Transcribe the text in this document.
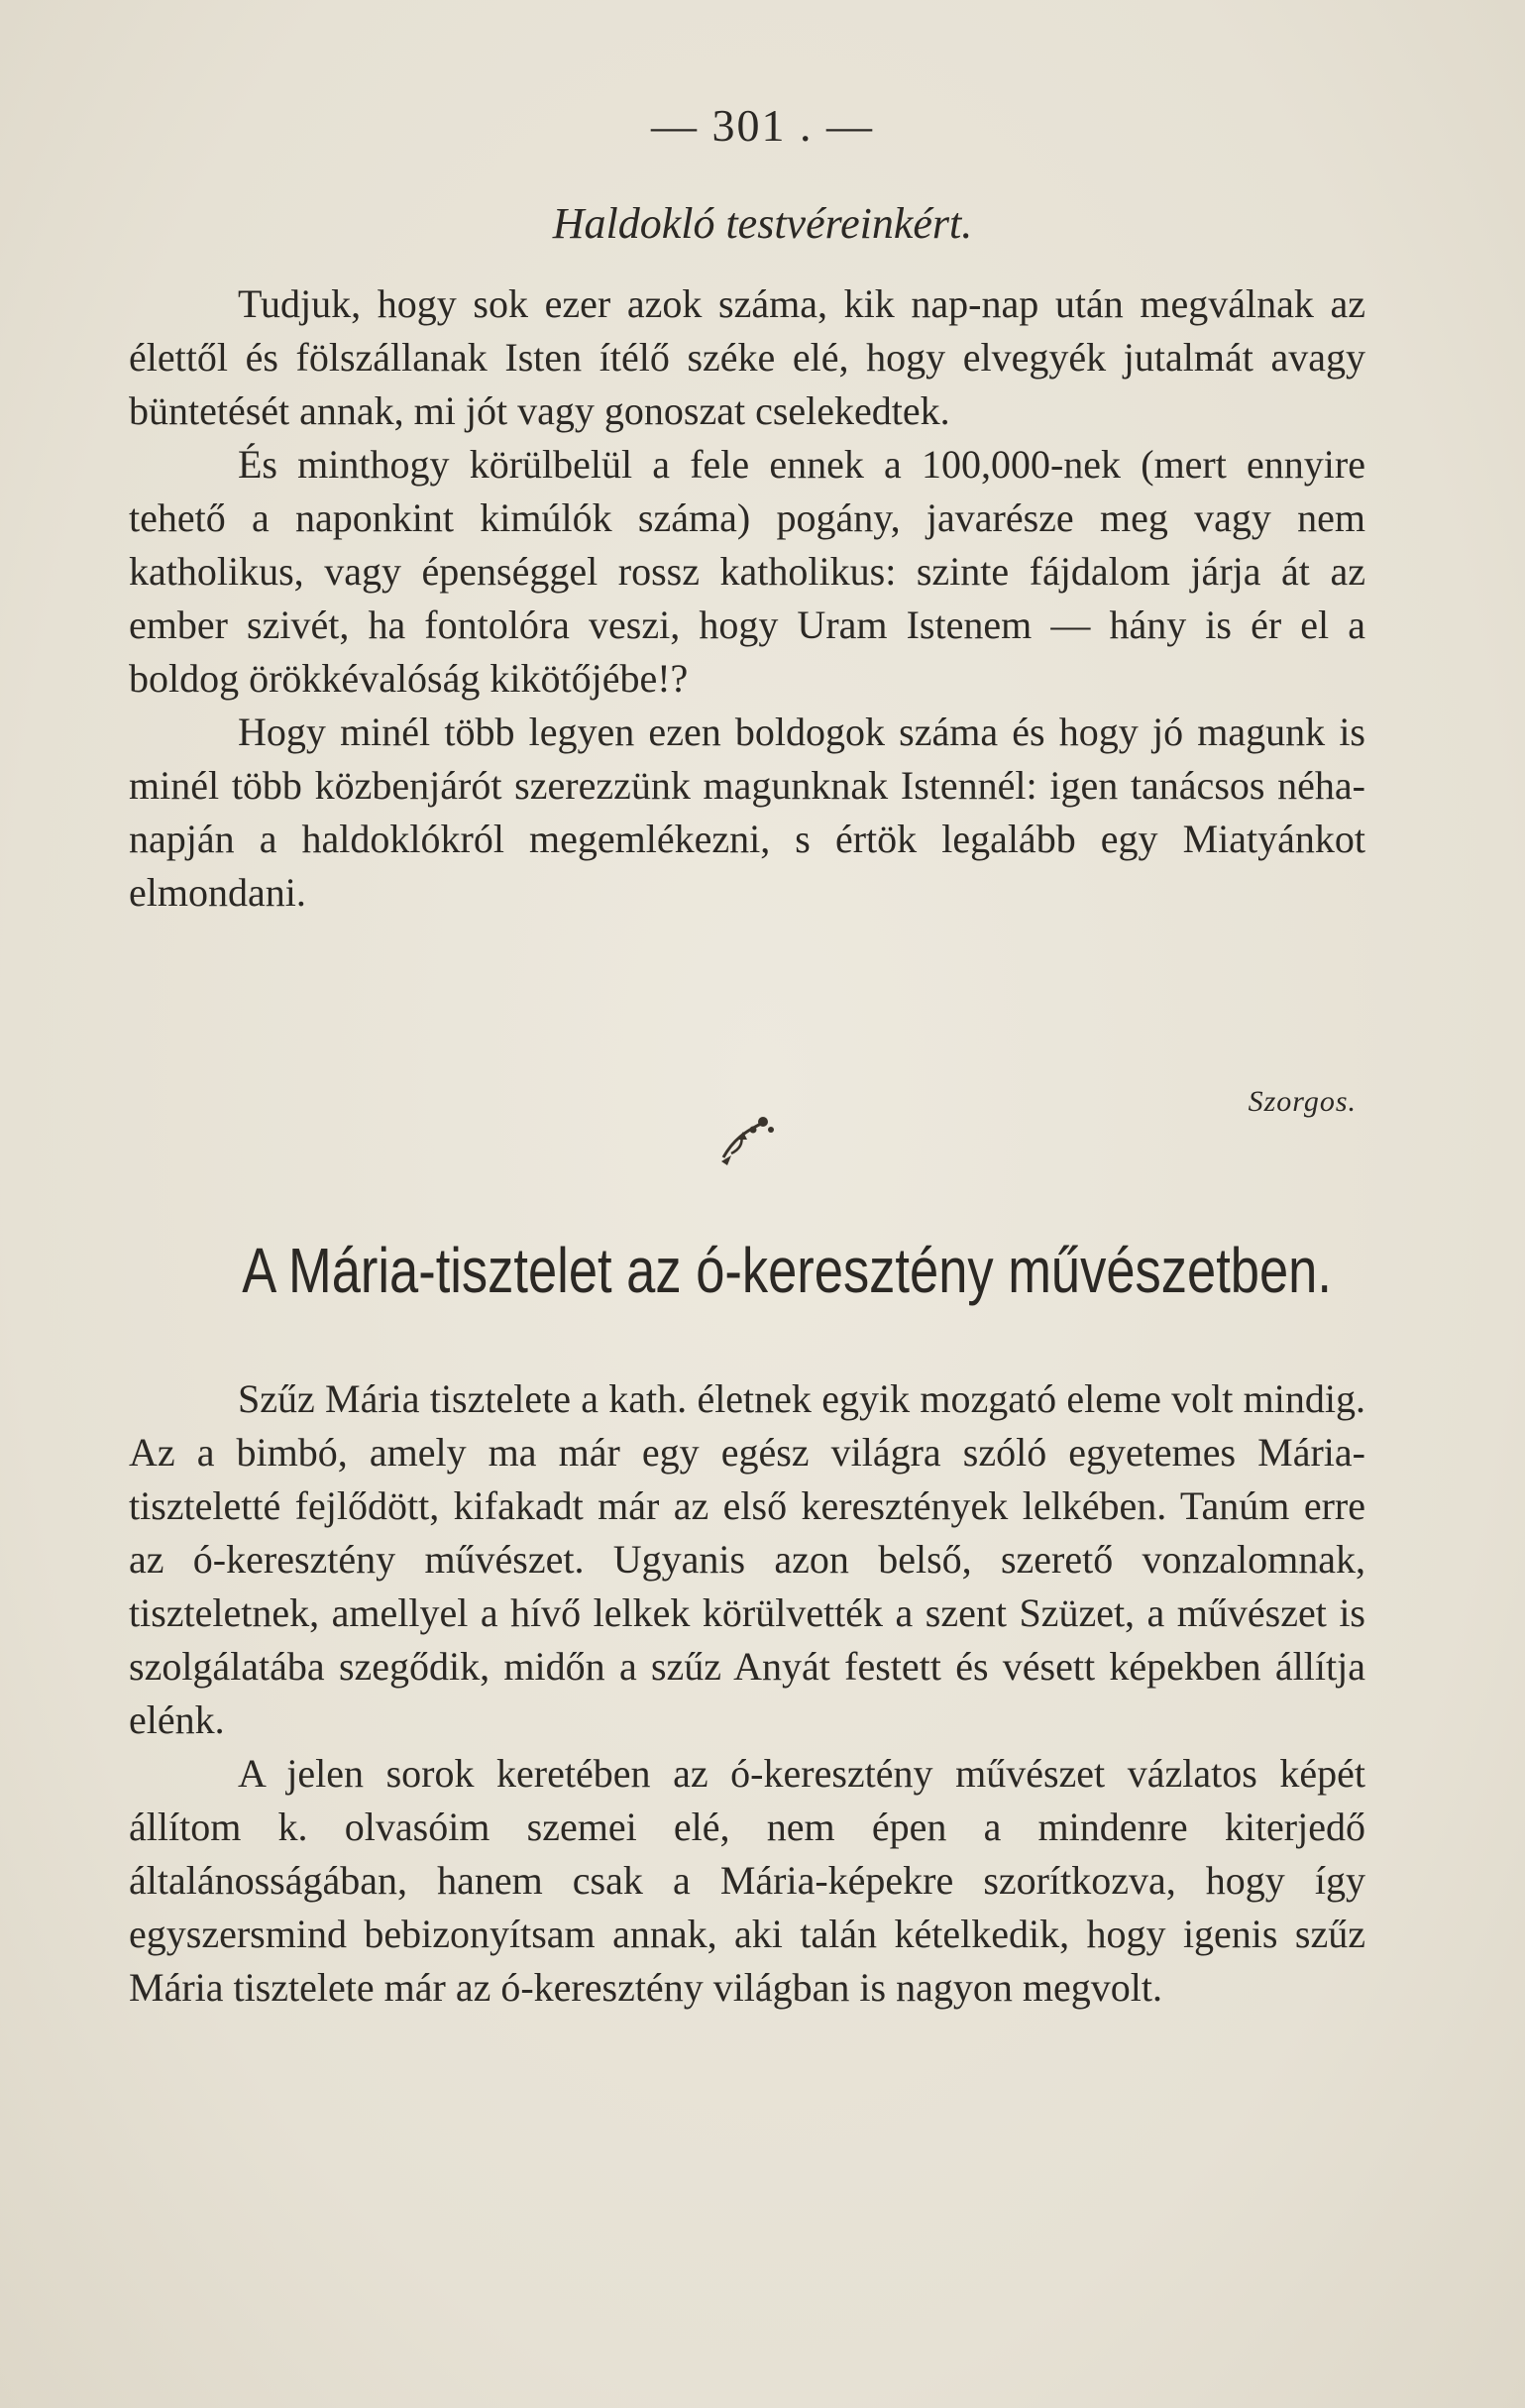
— 301 . —
Haldokló testvéreinkért.

Tudjuk, hogy sok ezer azok száma, kik nap-nap után megválnak az élettől és fölszállanak Isten ítélő széke elé, hogy elvegyék jutalmát avagy büntetését annak, mi jót vagy gonoszat cselekedtek.

És minthogy körülbelül a fele ennek a 100,000-nek (mert ennyire tehető a naponkint kimúlók száma) pogány, javarésze meg vagy nem katholikus, vagy épenséggel rossz katholikus: szinte fájdalom járja át az ember szivét, ha fontolóra veszi, hogy Uram Istenem — hány is ér el a boldog örökkévalóság kikötőjébe!?

Hogy minél több legyen ezen boldogok száma és hogy jó magunk is minél több közbenjárót szerezzünk magunknak Istennél: igen tanácsos néha-napján a haldoklókról megemlékezni, s értök legalább egy Miatyánkot elmondani.

Szorgos.
A Mária-tisztelet az ó-keresztény művészetben.

Szűz Mária tisztelete a kath. életnek egyik mozgató eleme volt mindig. Az a bimbó, amely ma már egy egész világra szóló egyetemes Mária-tiszteletté fejlődött, kifakadt már az első keresztények lelkében. Tanúm erre az ó-keresztény művészet. Ugyanis azon belső, szerető vonzalomnak, tiszteletnek, amellyel a hívő lelkek körülvették a szent Szüzet, a művészet is szolgálatába szegődik, midőn a szűz Anyát festett és vésett képekben állítja elénk.

A jelen sorok keretében az ó-keresztény művészet vázlatos képét állítom k. olvasóim szemei elé, nem épen a mindenre kiterjedő általánosságában, hanem csak a Mária-képekre szorítkozva, hogy így egyszersmind bebizonyítsam annak, aki talán kételkedik, hogy igenis szűz Mária tisztelete már az ó-keresztény világban is nagyon megvolt.
